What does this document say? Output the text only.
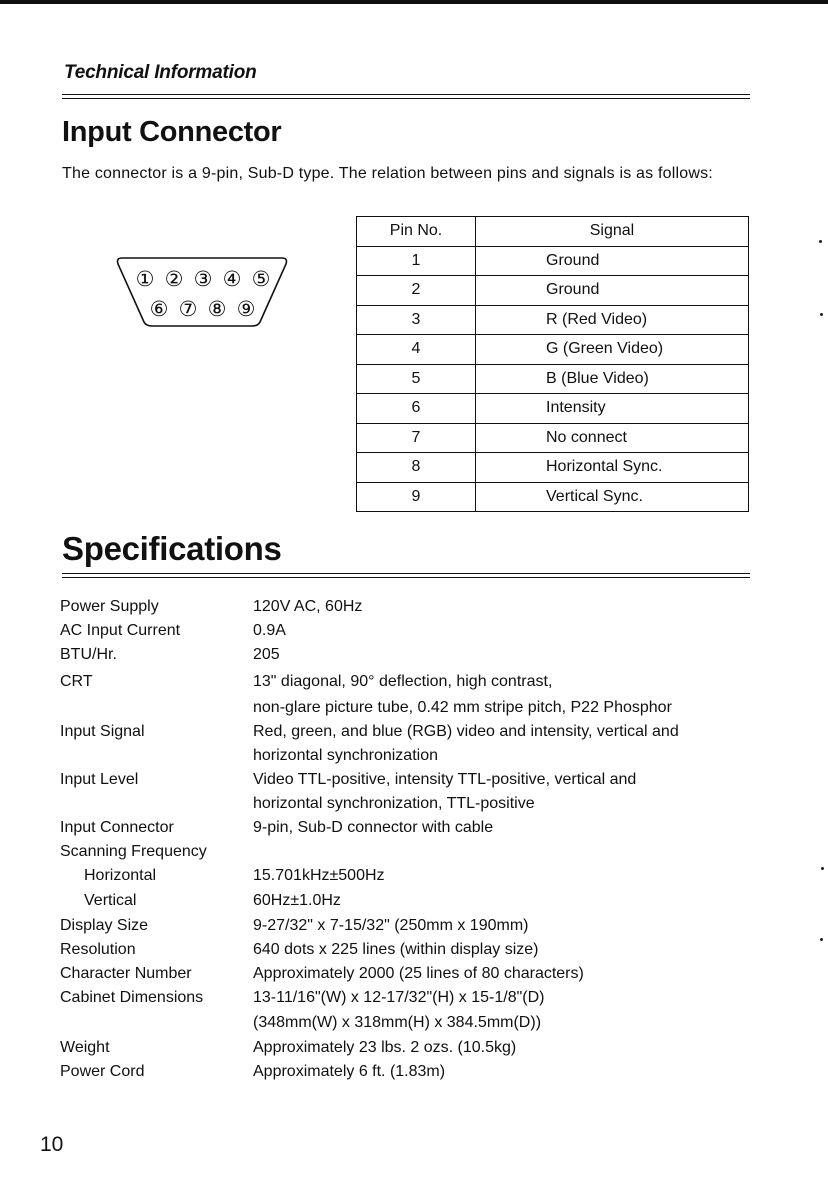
Technical Information
Input Connector
The connector is a 9-pin, Sub-D type. The relation between pins and signals is as follows:
① ② ③ ④ ⑤
⑥ ⑦ ⑧ ⑨
Pin No.	Signal
1	Ground
2	Ground
3	R (Red Video)
4	G (Green Video)
5	B (Blue Video)
6	Intensity
7	No connect
8	Horizontal Sync.
9	Vertical Sync.
Specifications
Power Supply	120V AC, 60Hz
AC Input Current	0.9A
BTU/Hr.	205
CRT	13" diagonal, 90° deflection, high contrast,
non-glare picture tube, 0.42 mm stripe pitch, P22 Phosphor
Input Signal	Red, green, and blue (RGB) video and intensity, vertical and
horizontal synchronization
Input Level	Video TTL-positive, intensity TTL-positive, vertical and
horizontal synchronization, TTL-positive
Input Connector	9-pin, Sub-D connector with cable
Scanning Frequency
Horizontal	15.701kHz±500Hz
Vertical	60Hz±1.0Hz
Display Size	9-27/32" x 7-15/32" (250mm x 190mm)
Resolution	640 dots x 225 lines (within display size)
Character Number	Approximately 2000 (25 lines of 80 characters)
Cabinet Dimensions	13-11/16"(W) x 12-17/32"(H) x 15-1/8"(D)
(348mm(W) x 318mm(H) x 384.5mm(D))
Weight	Approximately 23 lbs. 2 ozs. (10.5kg)
Power Cord	Approximately 6 ft. (1.83m)
10
